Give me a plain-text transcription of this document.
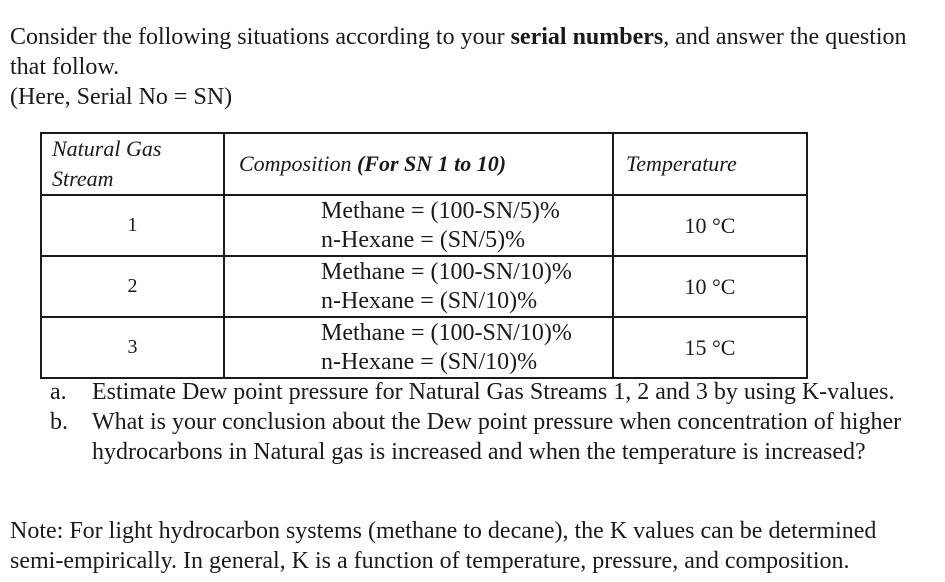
Consider the following situations according to your serial numbers, and answer the question that follow.
(Here, Serial No = SN)
Natural Gas
Stream	Composition (For SN 1 to 10)	Temperature
1	Methane = (100-SN/5)%
n-Hexane = (SN/5)%	10 °C
2	Methane = (100-SN/10)%
n-Hexane = (SN/10)%	10 °C
3	Methane = (100-SN/10)%
n-Hexane = (SN/10)%	15 °C
a.	Estimate Dew point pressure for Natural Gas Streams 1, 2 and 3 by using K-values.
b.	What is your conclusion about the Dew point pressure when concentration of higher hydrocarbons in Natural gas is increased and when the temperature is increased?
Note: For light hydrocarbon systems (methane to decane), the K values can be determined semi-empirically. In general, K is a function of temperature, pressure, and composition.
